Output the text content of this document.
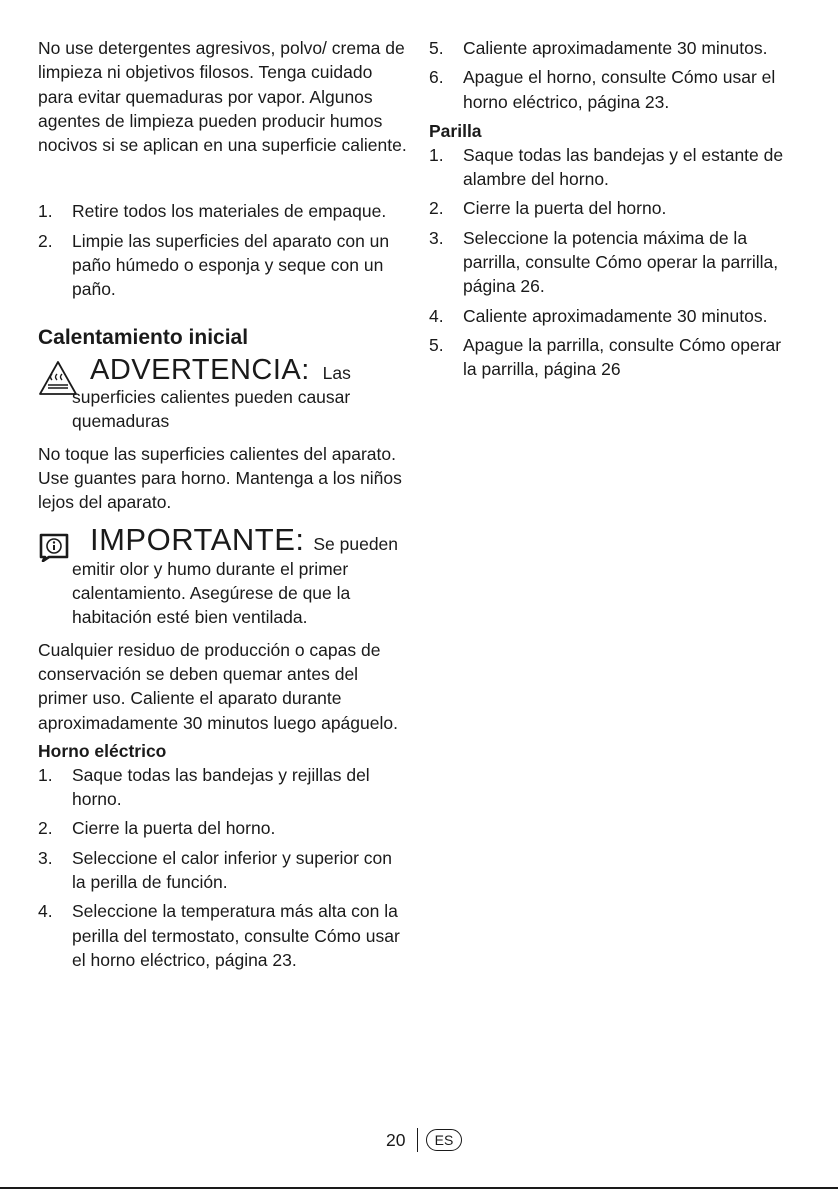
No use detergentes agresivos, polvo/ crema de limpieza ni objetivos filosos. Tenga cuidado para evitar quemaduras por vapor. Algunos agentes de limpieza pueden producir humos nocivos si se aplican en una superficie caliente.

1. Retire todos los materiales de empaque.
2. Limpie las superficies del aparato con un paño húmedo o esponja y seque con un paño.
Calentamiento inicial
ADVERTENCIA: Las
superficies calientes pueden causar quemaduras

No toque las superficies calientes del aparato. Use guantes para horno. Mantenga a los niños lejos del aparato.

IMPORTANTE: Se pueden
emitir olor y humo durante el primer calentamiento. Asegúrese de que la habitación esté bien ventilada.

Cualquier residuo de producción o capas de conservación se deben quemar antes del primer uso. Caliente el aparato durante aproximadamente 30 minutos luego apáguelo.

Horno eléctrico
1. Saque todas las bandejas y rejillas del horno.
2. Cierre la puerta del horno.
3. Seleccione el calor inferior y superior con la perilla de función.
4. Seleccione la temperatura más alta con la perilla del termostato, consulte Cómo usar el horno eléctrico, página 23.
5. Caliente aproximadamente 30 minutos.
6. Apague el horno, consulte Cómo usar el horno eléctrico, página 23.
Parilla
1. Saque todas las bandejas y el estante de alambre del horno.
2. Cierre la puerta del horno.
3. Seleccione la potencia máxima de la parrilla, consulte Cómo operar la parrilla, página 26.
4. Caliente aproximadamente 30 minutos.
5. Apague la parrilla, consulte Cómo operar la parrilla, página 26
20	ES
